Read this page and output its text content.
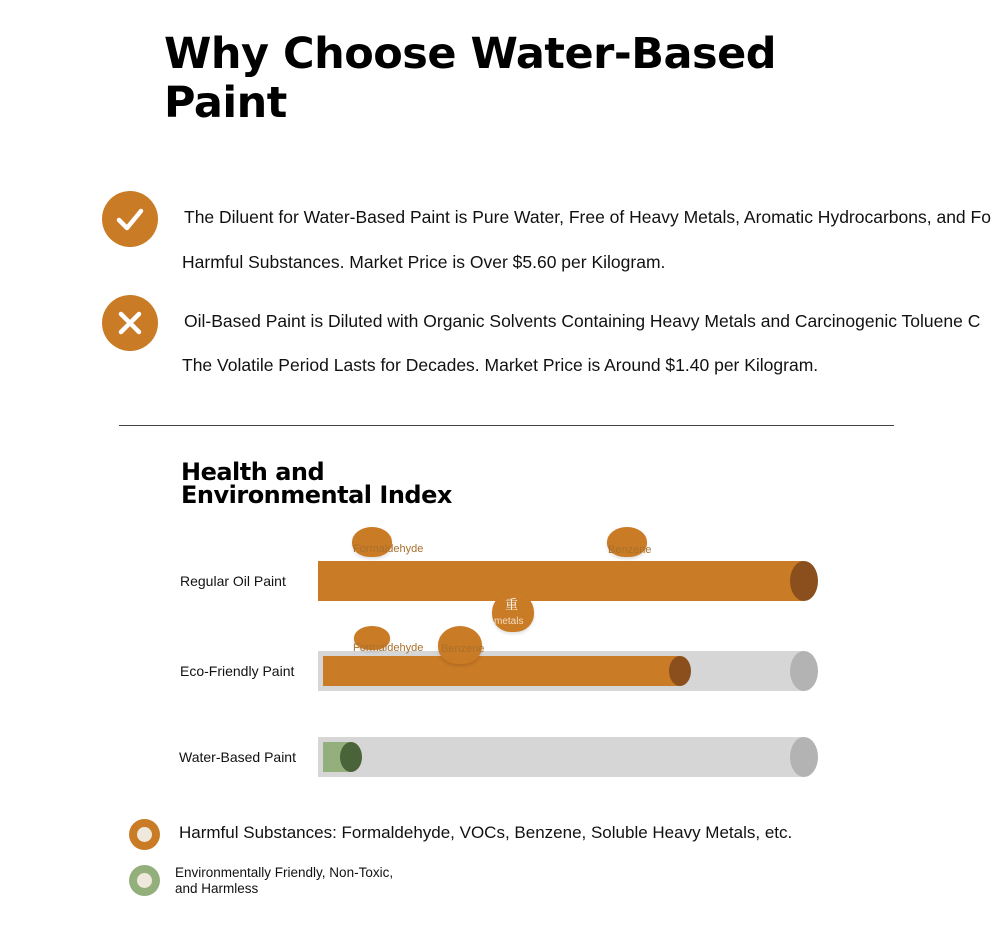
Why Choose Water-Based Paint
The Diluent for Water-Based Paint is Pure Water, Free of Heavy Metals, Aromatic Hydrocarbons, and Fo
Harmful Substances. Market Price is Over $5.60 per Kilogram.
Oil-Based Paint is Diluted with Organic Solvents Containing Heavy Metals and Carcinogenic Toluene C
The Volatile Period Lasts for Decades. Market Price is Around $1.40 per Kilogram.
Health and
Environmental Index
Regular Oil Paint
Eco-Friendly Paint
Water-Based Paint
Formaldehyde	Benzene
重
metals
Formaldehyde Benzene
Harmful Substances: Formaldehyde, VOCs, Benzene, Soluble Heavy Metals, etc.
Environmentally Friendly, Non-Toxic,
and Harmless
